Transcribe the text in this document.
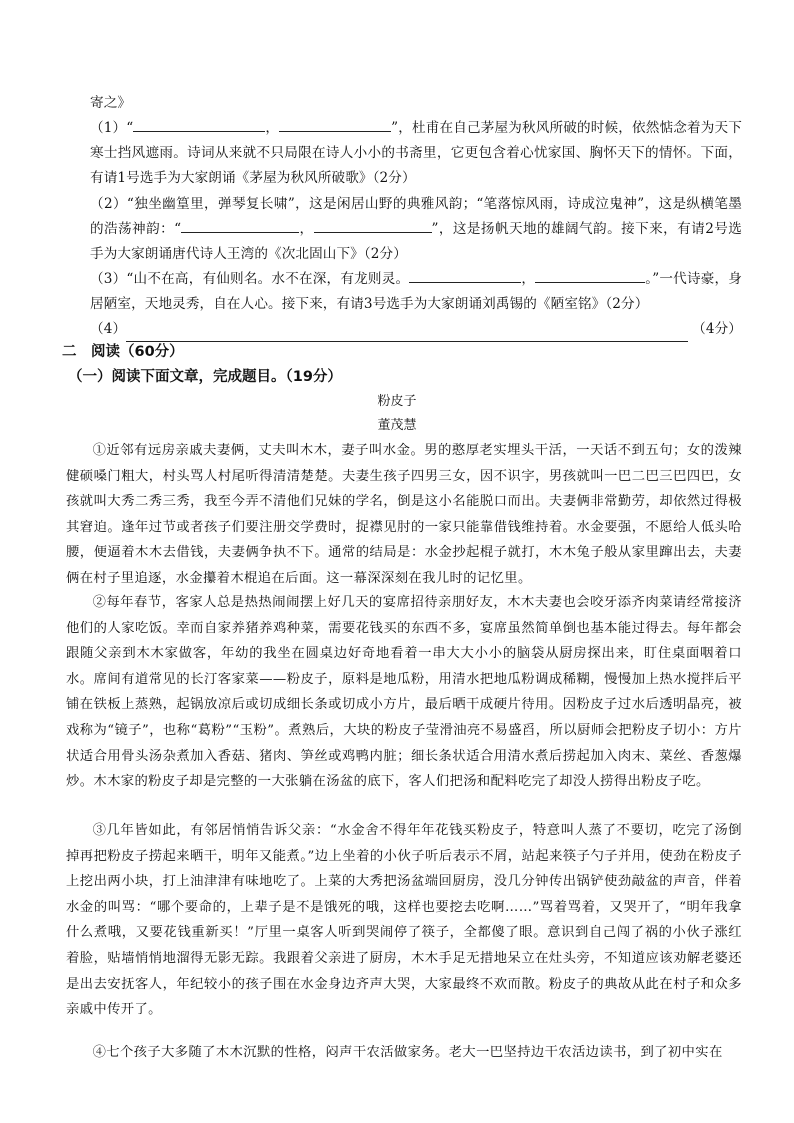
寄之》

（1）“	，	”，杜甫在自己茅屋为秋风所破的时候，依然惦念着为天下寒士挡风遮雨。诗词从来就不只局限在诗人小小的书斋里，它更包含着心忧家国、胸怀天下的情怀。下面，有请1号选手为大家朗诵《茅屋为秋风所破歌》（2分）

（2）“独坐幽篁里，弹琴复长啸”，这是闲居山野的典雅风韵；“笔落惊风雨，诗成泣鬼神”，这是纵横笔墨的浩荡神韵：“	，	”，这是扬帆天地的雄阔气韵。接下来，有请2号选手为大家朗诵唐代诗人王湾的《次北固山下》（2分）

（3）“山不在高，有仙则名。水不在深，有龙则灵。	，	。”一代诗豪，身居陋室，天地灵秀，自在人心。接下来，有请3号选手为大家朗诵刘禹锡的《陋室铭》（2分）

（4）	（4分）

二　阅读（60分）

（一）阅读下面文章，完成题目。（19分）

粉皮子

董茂慧

①近邻有远房亲戚夫妻俩，丈夫叫木木，妻子叫水金。男的憨厚老实埋头干活，一天话不到五句；女的泼辣健硕嗓门粗大，村头骂人村尾听得清清楚楚。夫妻生孩子四男三女，因不识字，男孩就叫一巴二巴三巴四巴，女孩就叫大秀二秀三秀，我至今弄不清他们兄妹的学名，倒是这小名能脱口而出。夫妻俩非常勤劳，却依然过得极其窘迫。逢年过节或者孩子们要注册交学费时，捉襟见肘的一家只能靠借钱维持着。水金要强，不愿给人低头哈腰，便逼着木木去借钱，夫妻俩争执不下。通常的结局是：水金抄起棍子就打，木木兔子般从家里蹿出去，夫妻俩在村子里追逐，水金攥着木棍追在后面。这一幕深深刻在我儿时的记忆里。

②每年春节，客家人总是热热闹闹摆上好几天的宴席招待亲朋好友，木木夫妻也会咬牙添齐肉菜请经常接济他们的人家吃饭。幸而自家养猪养鸡种菜，需要花钱买的东西不多，宴席虽然简单倒也基本能过得去。每年都会跟随父亲到木木家做客，年幼的我坐在圆桌边好奇地看着一串大大小小的脑袋从厨房探出来，盯住桌面咽着口水。席间有道常见的长汀客家菜——粉皮子，原料是地瓜粉，用清水把地瓜粉调成稀糊，慢慢加上热水搅拌后平铺在铁板上蒸熟，起锅放凉后或切成细长条或切成小方片，最后晒干成硬片待用。因粉皮子过水后透明晶亮，被戏称为“镜子”，也称“葛粉”“玉粉”。煮熟后，大块的粉皮子莹滑油亮不易盛舀，所以厨师会把粉皮子切小：方片状适合用骨头汤杂煮加入香菇、猪肉、笋丝或鸡鸭内脏；细长条状适合用清水煮后捞起加入肉末、菜丝、香葱爆炒。木木家的粉皮子却是完整的一大张躺在汤盆的底下，客人们把汤和配料吃完了却没人捞得出粉皮子吃。

③几年皆如此，有邻居悄悄告诉父亲：“水金舍不得年年花钱买粉皮子，特意叫人蒸了不要切，吃完了汤倒掉再把粉皮子捞起来晒干，明年又能煮。”边上坐着的小伙子听后表示不屑，站起来筷子勺子并用，使劲在粉皮子上挖出两小块，打上油津津有味地吃了。上菜的大秀把汤盆端回厨房，没几分钟传出锅铲使劲敲盆的声音，伴着水金的叫骂：“哪个要命的，上辈子是不是饿死的哦，这样也要挖去吃啊……”骂着骂着，又哭开了，“明年我拿什么煮哦，又要花钱重新买！”厅里一桌客人听到哭闹停了筷子，全都傻了眼。意识到自己闯了祸的小伙子涨红着脸，贴墙悄悄地溜得无影无踪。我跟着父亲进了厨房，木木手足无措地呆立在灶头旁，不知道应该劝解老婆还是出去安抚客人，年纪较小的孩子围在水金身边齐声大哭，大家最终不欢而散。粉皮子的典故从此在村子和众多亲戚中传开了。

④七个孩子大多随了木木沉默的性格，闷声干农活做家务。老大一巴坚持边干农活边读书，到了初中实在
